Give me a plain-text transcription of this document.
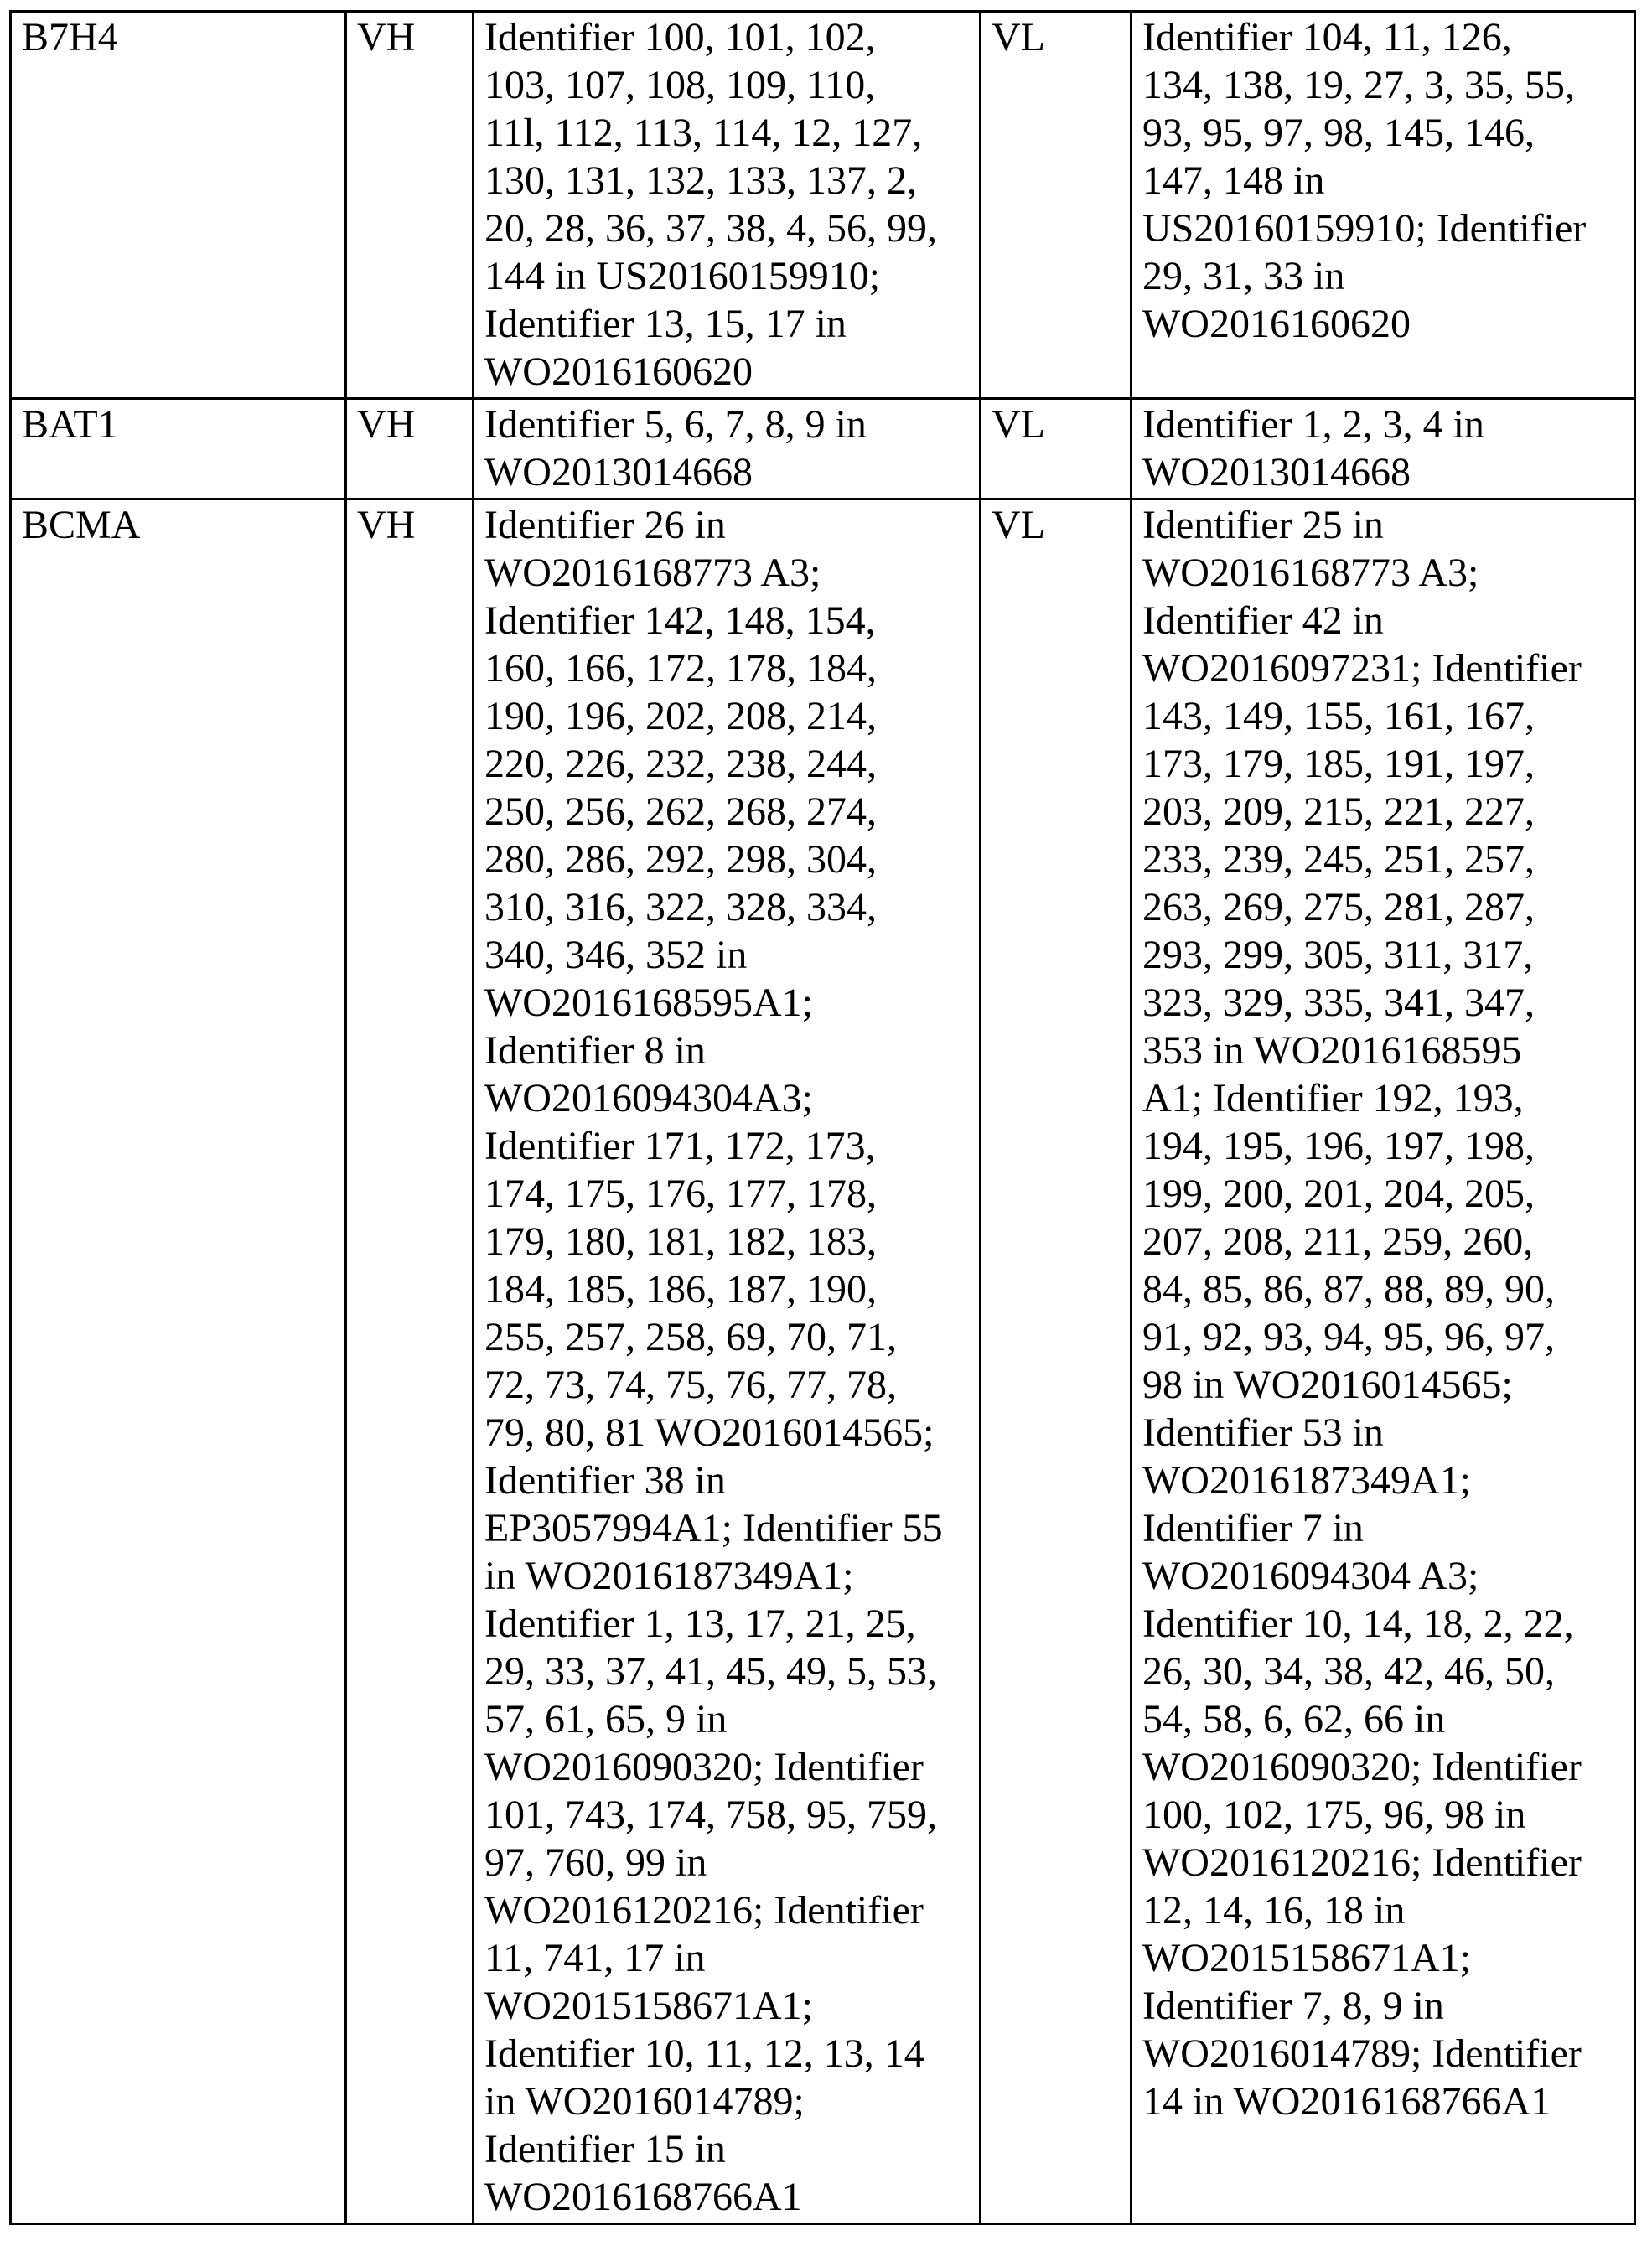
B7H4	VH	Identifier 100, 101, 102,
103, 107, 108, 109, 110,
11l, 112, 113, 114, 12, 127,
130, 131, 132, 133, 137, 2,
20, 28, 36, 37, 38, 4, 56, 99,
144 in US20160159910;
Identifier 13, 15, 17 in
WO2016160620	VL	Identifier 104, 11, 126,
134, 138, 19, 27, 3, 35, 55,
93, 95, 97, 98, 145, 146,
147, 148 in
US20160159910; Identifier
29, 31, 33 in
WO2016160620
BAT1	VH	Identifier 5, 6, 7, 8, 9 in
WO2013014668	VL	Identifier 1, 2, 3, 4 in
WO2013014668
BCMA	VH	Identifier 26 in
WO2016168773 A3;
Identifier 142, 148, 154,
160, 166, 172, 178, 184,
190, 196, 202, 208, 214,
220, 226, 232, 238, 244,
250, 256, 262, 268, 274,
280, 286, 292, 298, 304,
310, 316, 322, 328, 334,
340, 346, 352 in
WO2016168595A1;
Identifier 8 in
WO2016094304A3;
Identifier 171, 172, 173,
174, 175, 176, 177, 178,
179, 180, 181, 182, 183,
184, 185, 186, 187, 190,
255, 257, 258, 69, 70, 71,
72, 73, 74, 75, 76, 77, 78,
79, 80, 81 WO2016014565;
Identifier 38 in
EP3057994A1; Identifier 55
in WO2016187349A1;
Identifier 1, 13, 17, 21, 25,
29, 33, 37, 41, 45, 49, 5, 53,
57, 61, 65, 9 in
WO2016090320; Identifier
101, 743, 174, 758, 95, 759,
97, 760, 99 in
WO2016120216; Identifier
11, 741, 17 in
WO2015158671A1;
Identifier 10, 11, 12, 13, 14
in WO2016014789;
Identifier 15 in
WO2016168766A1	VL	Identifier 25 in
WO2016168773 A3;
Identifier 42 in
WO2016097231; Identifier
143, 149, 155, 161, 167,
173, 179, 185, 191, 197,
203, 209, 215, 221, 227,
233, 239, 245, 251, 257,
263, 269, 275, 281, 287,
293, 299, 305, 311, 317,
323, 329, 335, 341, 347,
353 in WO2016168595
A1; Identifier 192, 193,
194, 195, 196, 197, 198,
199, 200, 201, 204, 205,
207, 208, 211, 259, 260,
84, 85, 86, 87, 88, 89, 90,
91, 92, 93, 94, 95, 96, 97,
98 in WO2016014565;
Identifier 53 in
WO2016187349A1;
Identifier 7 in
WO2016094304 A3;
Identifier 10, 14, 18, 2, 22,
26, 30, 34, 38, 42, 46, 50,
54, 58, 6, 62, 66 in
WO2016090320; Identifier
100, 102, 175, 96, 98 in
WO2016120216; Identifier
12, 14, 16, 18 in
WO2015158671A1;
Identifier 7, 8, 9 in
WO2016014789; Identifier
14 in WO2016168766A1
